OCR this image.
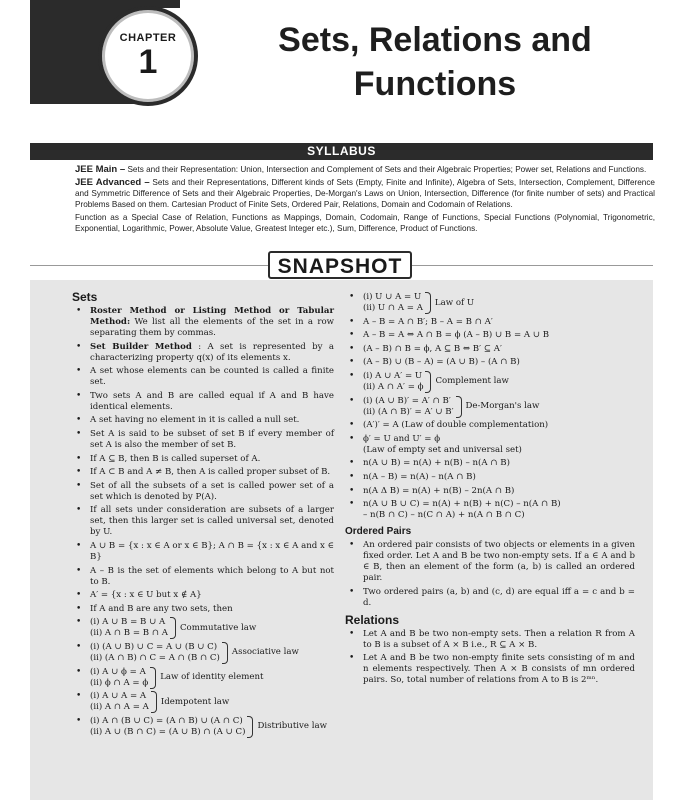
CHAPTER
1
Sets, Relations and
Functions
SYLLABUS

JEE Main – Sets and their Representation: Union, Intersection and Complement of Sets and their Algebraic Properties; Power set, Relations and Functions.

JEE Advanced – Sets and their Representations, Different kinds of Sets (Empty, Finite and Infinite), Algebra of Sets, Intersection, Complement, Difference and Symmetric Difference of Sets and their Algebraic Properties, De-Morgan's Laws on Union, Intersection, Difference (for finite number of sets) and Practical Problems Based on them. Cartesian Product of Finite Sets, Ordered Pair, Relations, Domain and Codomain of Relations.

Function as a Special Case of Relation, Functions as Mappings, Domain, Codomain, Range of Functions, Special Functions (Polynomial, Trigonometric, Exponential, Logarithmic, Power, Absolute Value, Greatest Integer etc.), Sum, Difference, Product of Functions.

SNAPSHOT
Sets
• Roster Method or Listing Method or Tabular Method: We list all the elements of the set in a row separating them by commas.
• Set Builder Method : A set is represented by a characterizing property q(x) of its elements x.
• A set whose elements can be counted is called a finite set.
• Two sets A and B are called equal if A and B have identical elements.
• A set having no element in it is called a null set.
• Set A is said to be subset of set B if every member of set A is also the member of set B.
• If A ⊆ B, then B is called superset of A.
• If A ⊂ B and A ≠ B, then A is called proper subset of B.
• Set of all the subsets of a set is called power set of a set which is denoted by P(A).
• If all sets under consideration are subsets of a larger set, then this larger set is called universal set, denoted by U.
• A ∪ B = {x : x ∈ A or x ∈ B}; A ∩ B = {x : x ∈ A and x ∈ B}
• A – B is the set of elements which belong to A but not to B.
• A′ = {x : x ∈ U but x ∉ A}
• If A and B are any two sets, then
• (i) A ∪ B = B ∪ A
(ii) A ∩ B = B ∩ A
Commutative law
• (i) (A ∪ B) ∪ C = A ∪ (B ∪ C)
(ii) (A ∩ B) ∩ C = A ∩ (B ∩ C)
Associative law
• (i) A ∪ ϕ = A
(ii) ϕ ∩ A = ϕ
Law of identity element
• (i) A ∪ A = A
(ii) A ∩ A = A
Idempotent law
• (i) A ∩ (B ∪ C) = (A ∩ B) ∪ (A ∩ C)
(ii) A ∪ (B ∩ C) = (A ∪ B) ∩ (A ∪ C)
Distributive law
• (i) U ∪ A = U
(ii) U ∩ A = A
Law of U
• A – B = A ∩ B′; B – A = B ∩ A′
• A – B = A ⇔ A ∩ B = ϕ (A – B) ∪ B = A ∪ B
• (A – B) ∩ B = ϕ, A ⊆ B ⇔ B′ ⊆ A′
• (A – B) ∪ (B – A) = (A ∪ B) – (A ∩ B)
• (i) A ∪ A′ = U
(ii) A ∩ A′ = ϕ
Complement law
• (i) (A ∪ B)′ = A′ ∩ B′
(ii) (A ∩ B)′ = A′ ∪ B′
De-Morgan's law
• (A′)′ = A (Law of double complementation)
• ϕ′ = U and U′ = ϕ
(Law of empty set and universal set)
• n(A ∪ B) = n(A) + n(B) – n(A ∩ B)
• n(A – B) = n(A) – n(A ∩ B)
• n(A Δ B) = n(A) + n(B) – 2n(A ∩ B)
• n(A ∪ B ∪ C) = n(A) + n(B) + n(C) – n(A ∩ B)
– n(B ∩ C) – n(C ∩ A) + n(A ∩ B ∩ C)
Ordered Pairs
• An ordered pair consists of two objects or elements in a given fixed order. Let A and B be two non-empty sets. If a ∈ A and b ∈ B, then an element of the form (a, b) is called an ordered pair.
• Two ordered pairs (a, b) and (c, d) are equal iff a = c and b = d.
Relations
• Let A and B be two non-empty sets. Then a relation R from A to B is a subset of A × B i.e., R ⊆ A × B.
• Let A and B be two non-empty finite sets consisting of m and n elements respectively. Then A × B consists of mn ordered pairs. So, total number of relations from A to B is 2ᵐⁿ.
